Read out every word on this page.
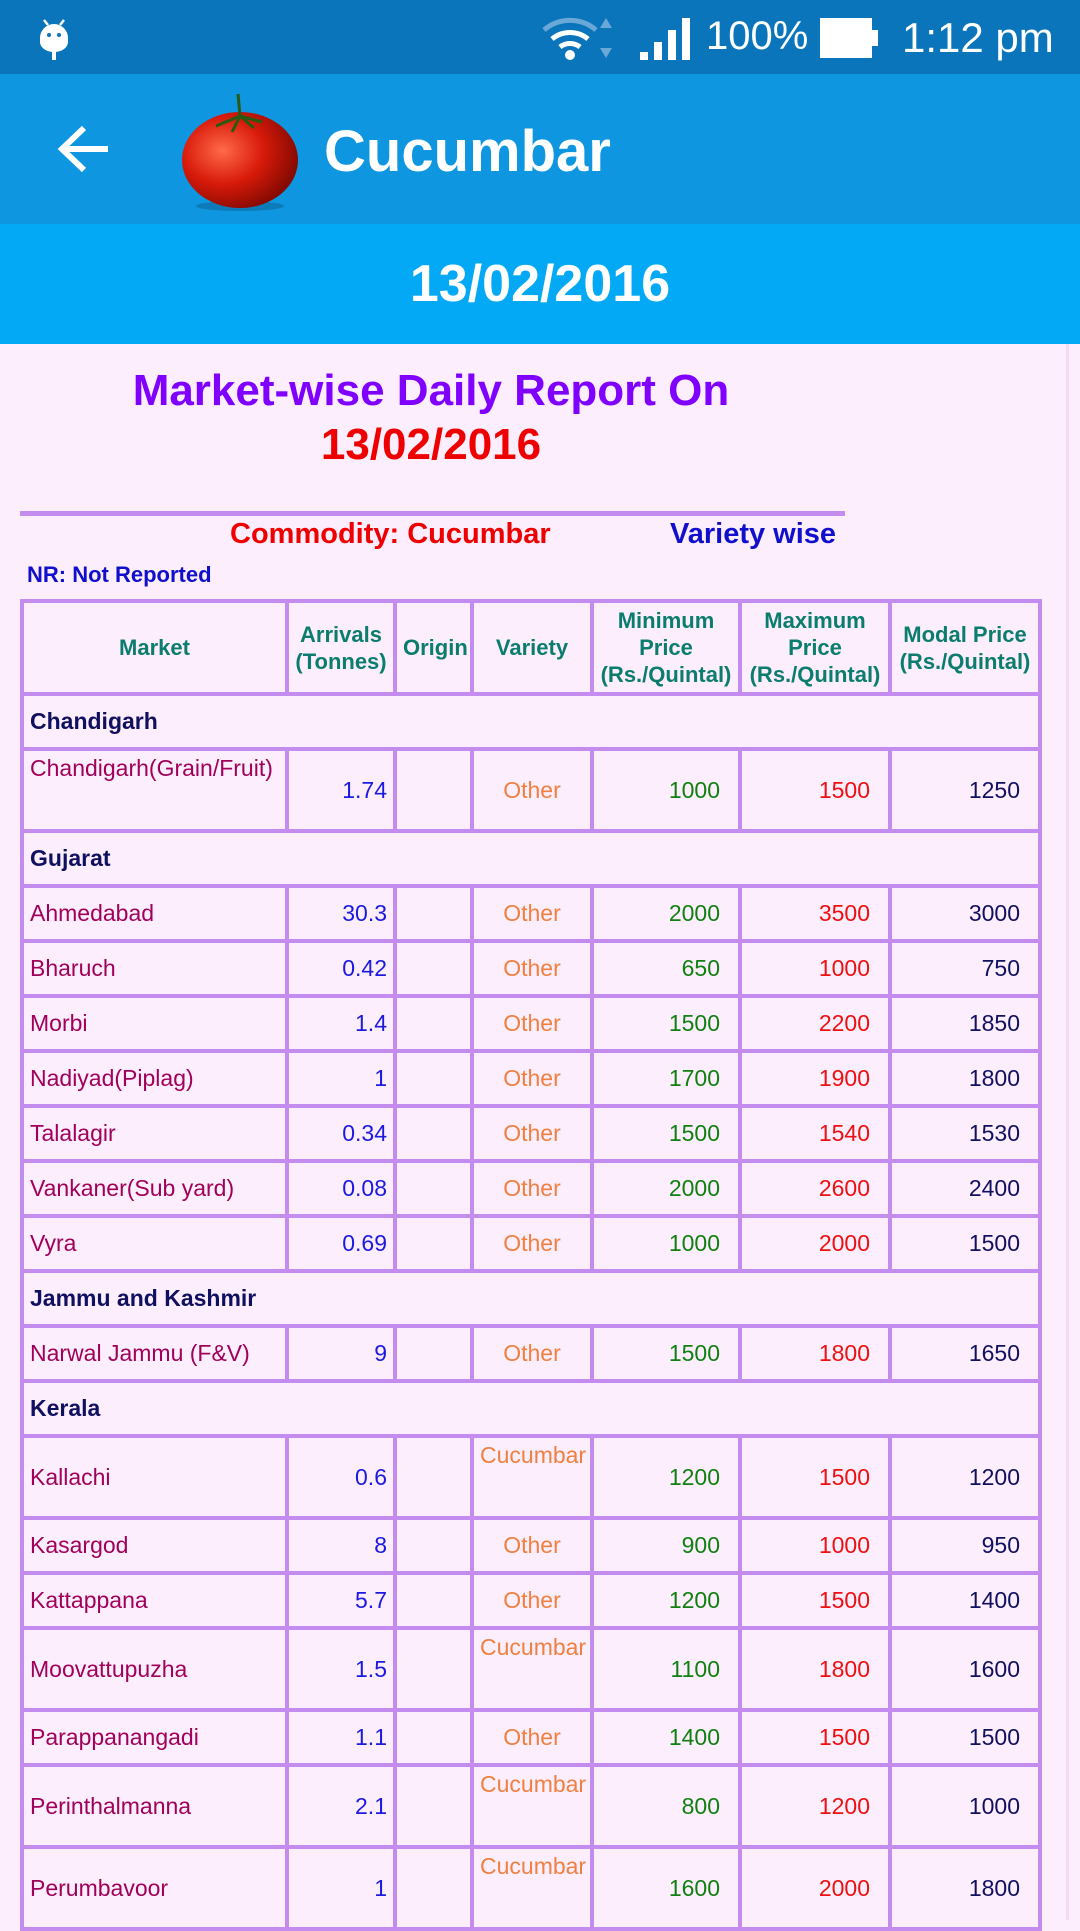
100% 1:12 pm
Cucumbar
13/02/2016
Market-wise Daily Report On
13/02/2016
Commodity: Cucumbar	Variety wise
NR: Not Reported
Market	Arrivals (Tonnes)	Origin	Variety	Minimum Price (Rs./Quintal)	Maximum Price (Rs./Quintal)	Modal Price (Rs./Quintal)
Chandigarh						
Chandigarh(Grain/Fruit)	1.74		Other	1000	1500	1250
Gujarat						
Ahmedabad	30.3		Other	2000	3500	3000
Bharuch	0.42		Other	650	1000	750
Morbi	1.4		Other	1500	2200	1850
Nadiyad(Piplag)	1		Other	1700	1900	1800
Talalagir	0.34		Other	1500	1540	1530
Vankaner(Sub yard)	0.08		Other	2000	2600	2400
Vyra	0.69		Other	1000	2000	1500
Jammu and Kashmir						
Narwal Jammu (F&V)	9		Other	1500	1800	1650
Kerala						
Kallachi	0.6		Cucumbar	1200	1500	1200
Kasargod	8		Other	900	1000	950
Kattappana	5.7		Other	1200	1500	1400
Moovattupuzha	1.5		Cucumbar	1100	1800	1600
Parappanangadi	1.1		Other	1400	1500	1500
Perinthalmanna	2.1		Cucumbar	800	1200	1000
Perumbavoor	1		Cucumbar	1600	2000	1800
